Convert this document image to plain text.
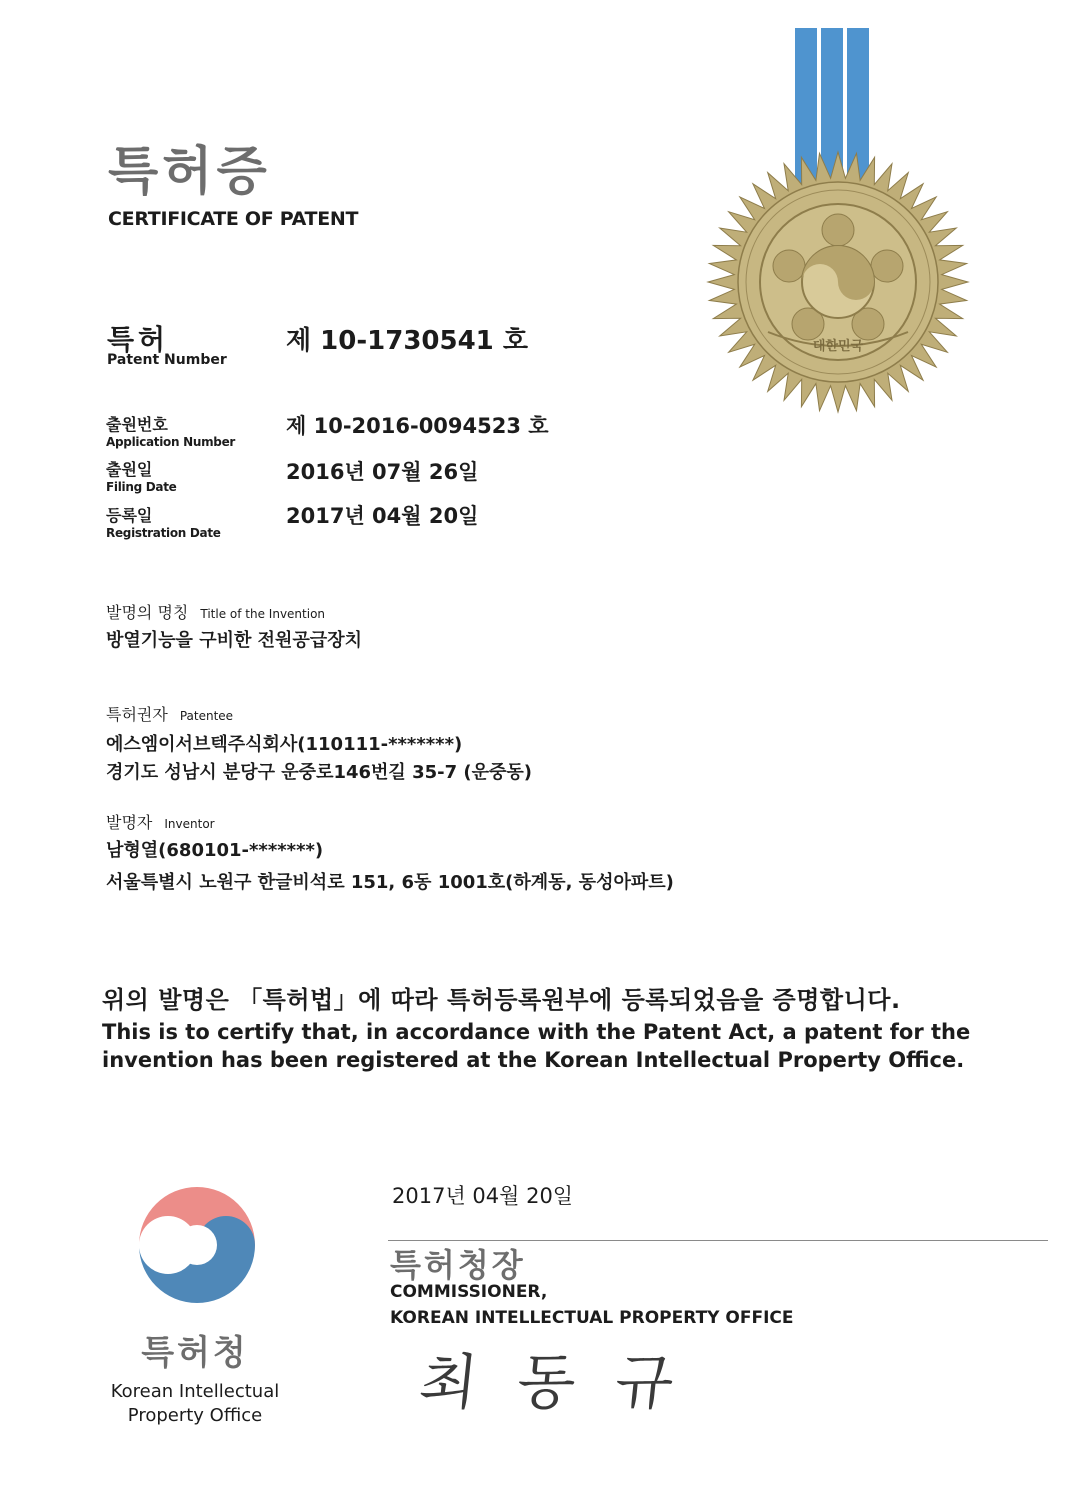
특허증
CERTIFICATE OF PATENT
대한민국
특허
Patent Number
제 10-1730541 호
출원번호
Application Number
제 10-2016-0094523 호
출원일
Filing Date
2016년 07월 26일
등록일
Registration Date
2017년 04월 20일
발명의 명칭 Title of the Invention
방열기능을 구비한 전원공급장치
특허권자 Patentee
에스엠이서브텍주식회사(110111-*******)
경기도 성남시 분당구 운중로146번길 35-7 (운중동)
발명자 Inventor
남형열(680101-*******)
서울특별시 노원구 한글비석로 151, 6동 1001호(하계동, 동성아파트)
위의 발명은 「특허법」에 따라 특허등록원부에 등록되었음을 증명합니다.
This is to certify that, in accordance with the Patent Act, a patent for the invention has been registered at the Korean Intellectual Property Office.
특허청
Korean Intellectual
Property Office
2017년 04월 20일
특허청장
COMMISSIONER,
KOREAN INTELLECTUAL PROPERTY OFFICE
최동규
